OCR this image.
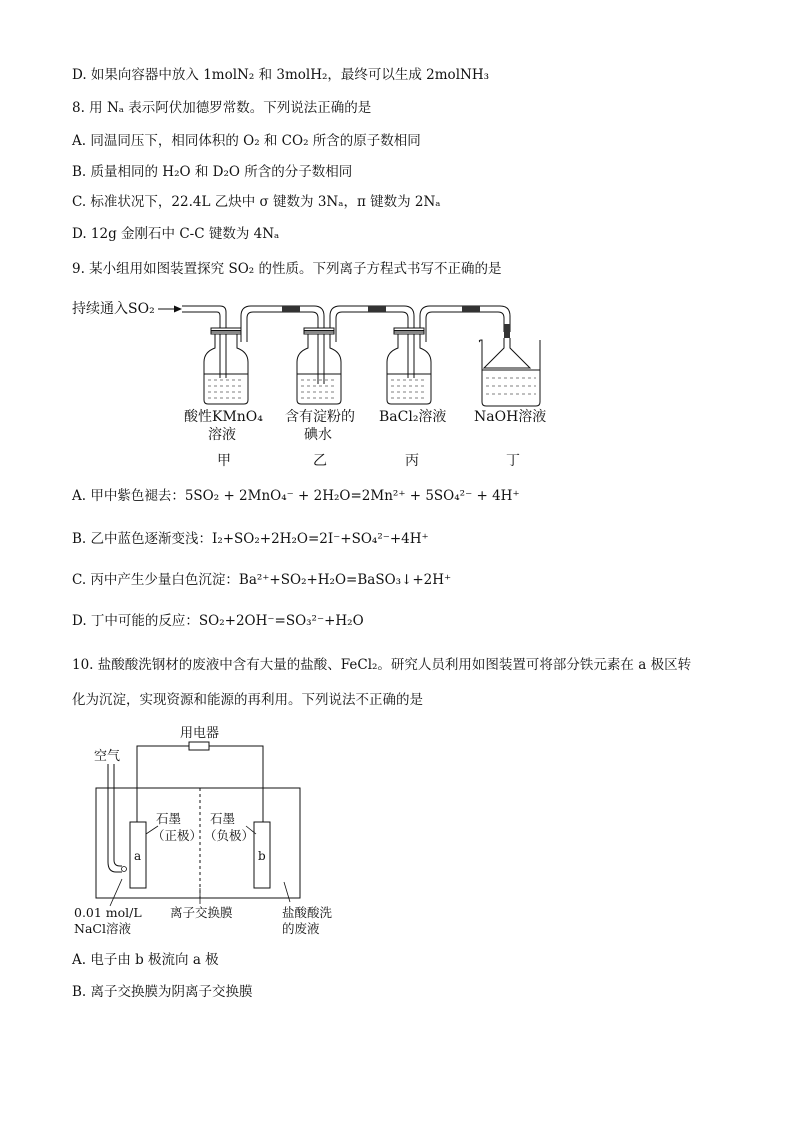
D. 如果向容器中放入 1molN₂ 和 3molH₂，最终可以生成 2molNH₃
8. 用 Nₐ 表示阿伏加德罗常数。下列说法正确的是
A. 同温同压下，相同体积的 O₂ 和 CO₂ 所含的原子数相同
B. 质量相同的 H₂O 和 D₂O 所含的分子数相同
C. 标准状况下，22.4L 乙炔中 σ 键数为 3Nₐ，π 键数为 2Nₐ
D. 12g 金刚石中 C-C 键数为 4Nₐ
9. 某小组用如图装置探究 SO₂ 的性质。下列离子方程式书写不正确的是
持续通入SO₂
酸性KMnO₄
溶液
甲
含有淀粉的
碘水
乙
BaCl₂溶液
丙
NaOH溶液
丁
A. 甲中紫色褪去：5SO₂ + 2MnO₄⁻ + 2H₂O=2Mn²⁺ + 5SO₄²⁻ + 4H⁺
B. 乙中蓝色逐渐变浅：I₂+SO₂+2H₂O=2I⁻+SO₄²⁻+4H⁺
C. 丙中产生少量白色沉淀：Ba²⁺+SO₂+H₂O=BaSO₃↓+2H⁺
D. 丁中可能的反应：SO₂+2OH⁻=SO₃²⁻+H₂O
10. 盐酸酸洗钢材的废液中含有大量的盐酸、FeCl₂。研究人员利用如图装置可将部分铁元素在 a 极区转
化为沉淀，实现资源和能源的再利用。下列说法不正确的是
用电器
空气
a
石墨
（正极）
b
石墨
（负极）
0.01 mol/L
NaCl溶液
离子交换膜	盐酸酸洗
的废液
A. 电子由 b 极流向 a 极
B. 离子交换膜为阴离子交换膜
